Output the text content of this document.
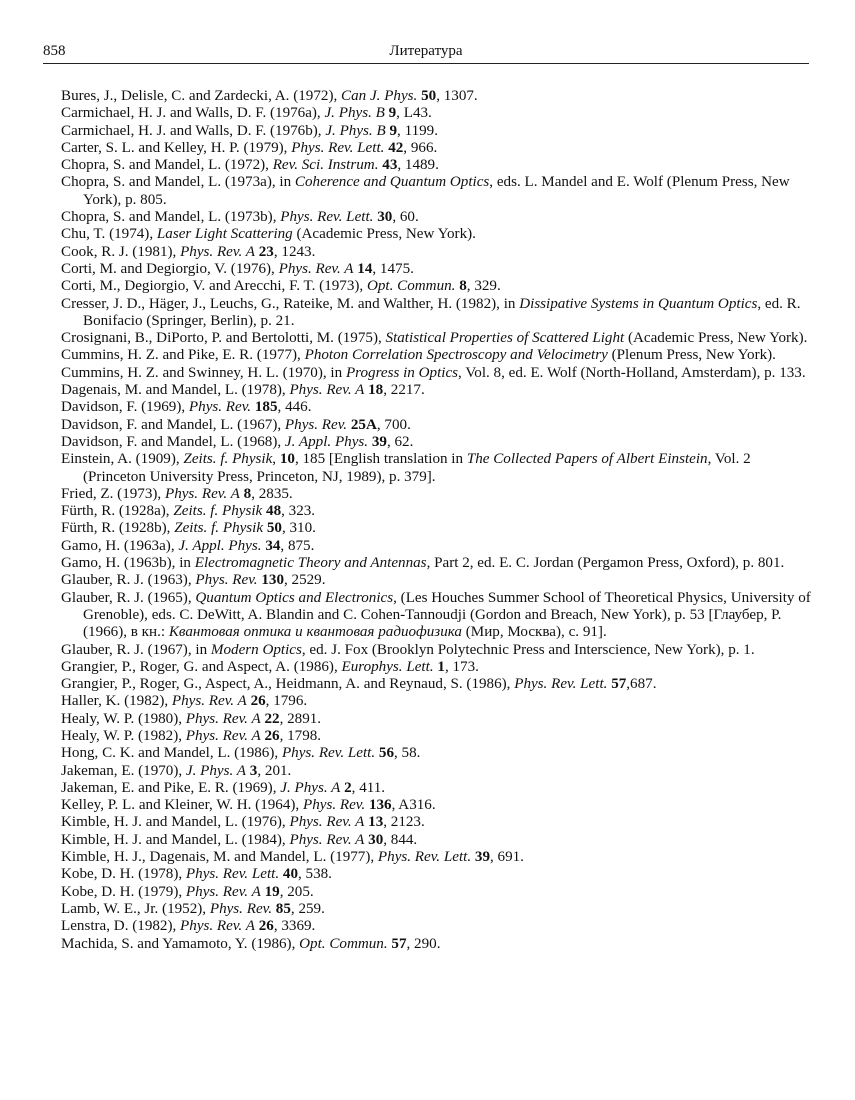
858	Литература

Bures, J., Delisle, C. and Zardecki, A. (1972), Can J. Phys. 50, 1307.

Carmichael, H. J. and Walls, D. F. (1976a), J. Phys. B 9, L43.

Carmichael, H. J. and Walls, D. F. (1976b), J. Phys. B 9, 1199.

Carter, S. L. and Kelley, H. P. (1979), Phys. Rev. Lett. 42, 966.

Chopra, S. and Mandel, L. (1972), Rev. Sci. Instrum. 43, 1489.

Chopra, S. and Mandel, L. (1973a), in Coherence and Quantum Optics, eds. L. Mandel and E. Wolf (Plenum Press, New York), p. 805.

Chopra, S. and Mandel, L. (1973b), Phys. Rev. Lett. 30, 60.

Chu, T. (1974), Laser Light Scattering (Academic Press, New York).

Cook, R. J. (1981), Phys. Rev. A 23, 1243.

Corti, M. and Degiorgio, V. (1976), Phys. Rev. A 14, 1475.

Corti, M., Degiorgio, V. and Arecchi, F. T. (1973), Opt. Commun. 8, 329.

Cresser, J. D., Häger, J., Leuchs, G., Rateike, M. and Walther, H. (1982), in Dissipative Systems in Quantum Optics, ed. R. Bonifacio (Springer, Berlin), p. 21.

Crosignani, B., DiPorto, P. and Bertolotti, M. (1975), Statistical Properties of Scattered Light (Academic Press, New York).

Cummins, H. Z. and Pike, E. R. (1977), Photon Correlation Spectroscopy and Velocimetry (Plenum Press, New York).

Cummins, H. Z. and Swinney, H. L. (1970), in Progress in Optics, Vol. 8, ed. E. Wolf (North-Holland, Amsterdam), p. 133.

Dagenais, M. and Mandel, L. (1978), Phys. Rev. A 18, 2217.

Davidson, F. (1969), Phys. Rev. 185, 446.

Davidson, F. and Mandel, L. (1967), Phys. Rev. 25A, 700.

Davidson, F. and Mandel, L. (1968), J. Appl. Phys. 39, 62.

Einstein, A. (1909), Zeits. f. Physik, 10, 185 [English translation in The Collected Papers of Albert Einstein, Vol. 2 (Princeton University Press, Princeton, NJ, 1989), p. 379].

Fried, Z. (1973), Phys. Rev. A 8, 2835.

Fürth, R. (1928a), Zeits. f. Physik 48, 323.

Fürth, R. (1928b), Zeits. f. Physik 50, 310.

Gamo, H. (1963a), J. Appl. Phys. 34, 875.

Gamo, H. (1963b), in Electromagnetic Theory and Antennas, Part 2, ed. E. C. Jordan (Pergamon Press, Oxford), p. 801.

Glauber, R. J. (1963), Phys. Rev. 130, 2529.

Glauber, R. J. (1965), Quantum Optics and Electronics, (Les Houches Summer School of Theoretical Physics, University of Grenoble), eds. C. DeWitt, A. Blandin and C. Cohen-Tannoudji (Gordon and Breach, New York), p. 53 [Глаубер, Р. (1966), в кн.: Квантовая оптика и квантовая радиофизика (Мир, Москва), с. 91].

Glauber, R. J. (1967), in Modern Optics, ed. J. Fox (Brooklyn Polytechnic Press and Interscience, New York), p. 1.

Grangier, P., Roger, G. and Aspect, A. (1986), Europhys. Lett. 1, 173.

Grangier, P., Roger, G., Aspect, A., Heidmann, A. and Reynaud, S. (1986), Phys. Rev. Lett. 57,687.

Haller, K. (1982), Phys. Rev. A 26, 1796.

Healy, W. P. (1980), Phys. Rev. A 22, 2891.

Healy, W. P. (1982), Phys. Rev. A 26, 1798.

Hong, C. K. and Mandel, L. (1986), Phys. Rev. Lett. 56, 58.

Jakeman, E. (1970), J. Phys. A 3, 201.

Jakeman, E. and Pike, E. R. (1969), J. Phys. A 2, 411.

Kelley, P. L. and Kleiner, W. H. (1964), Phys. Rev. 136, A316.

Kimble, H. J. and Mandel, L. (1976), Phys. Rev. A 13, 2123.

Kimble, H. J. and Mandel, L. (1984), Phys. Rev. A 30, 844.

Kimble, H. J., Dagenais, M. and Mandel, L. (1977), Phys. Rev. Lett. 39, 691.

Kobe, D. H. (1978), Phys. Rev. Lett. 40, 538.

Kobe, D. H. (1979), Phys. Rev. A 19, 205.

Lamb, W. E., Jr. (1952), Phys. Rev. 85, 259.

Lenstra, D. (1982), Phys. Rev. A 26, 3369.

Machida, S. and Yamamoto, Y. (1986), Opt. Commun. 57, 290.
